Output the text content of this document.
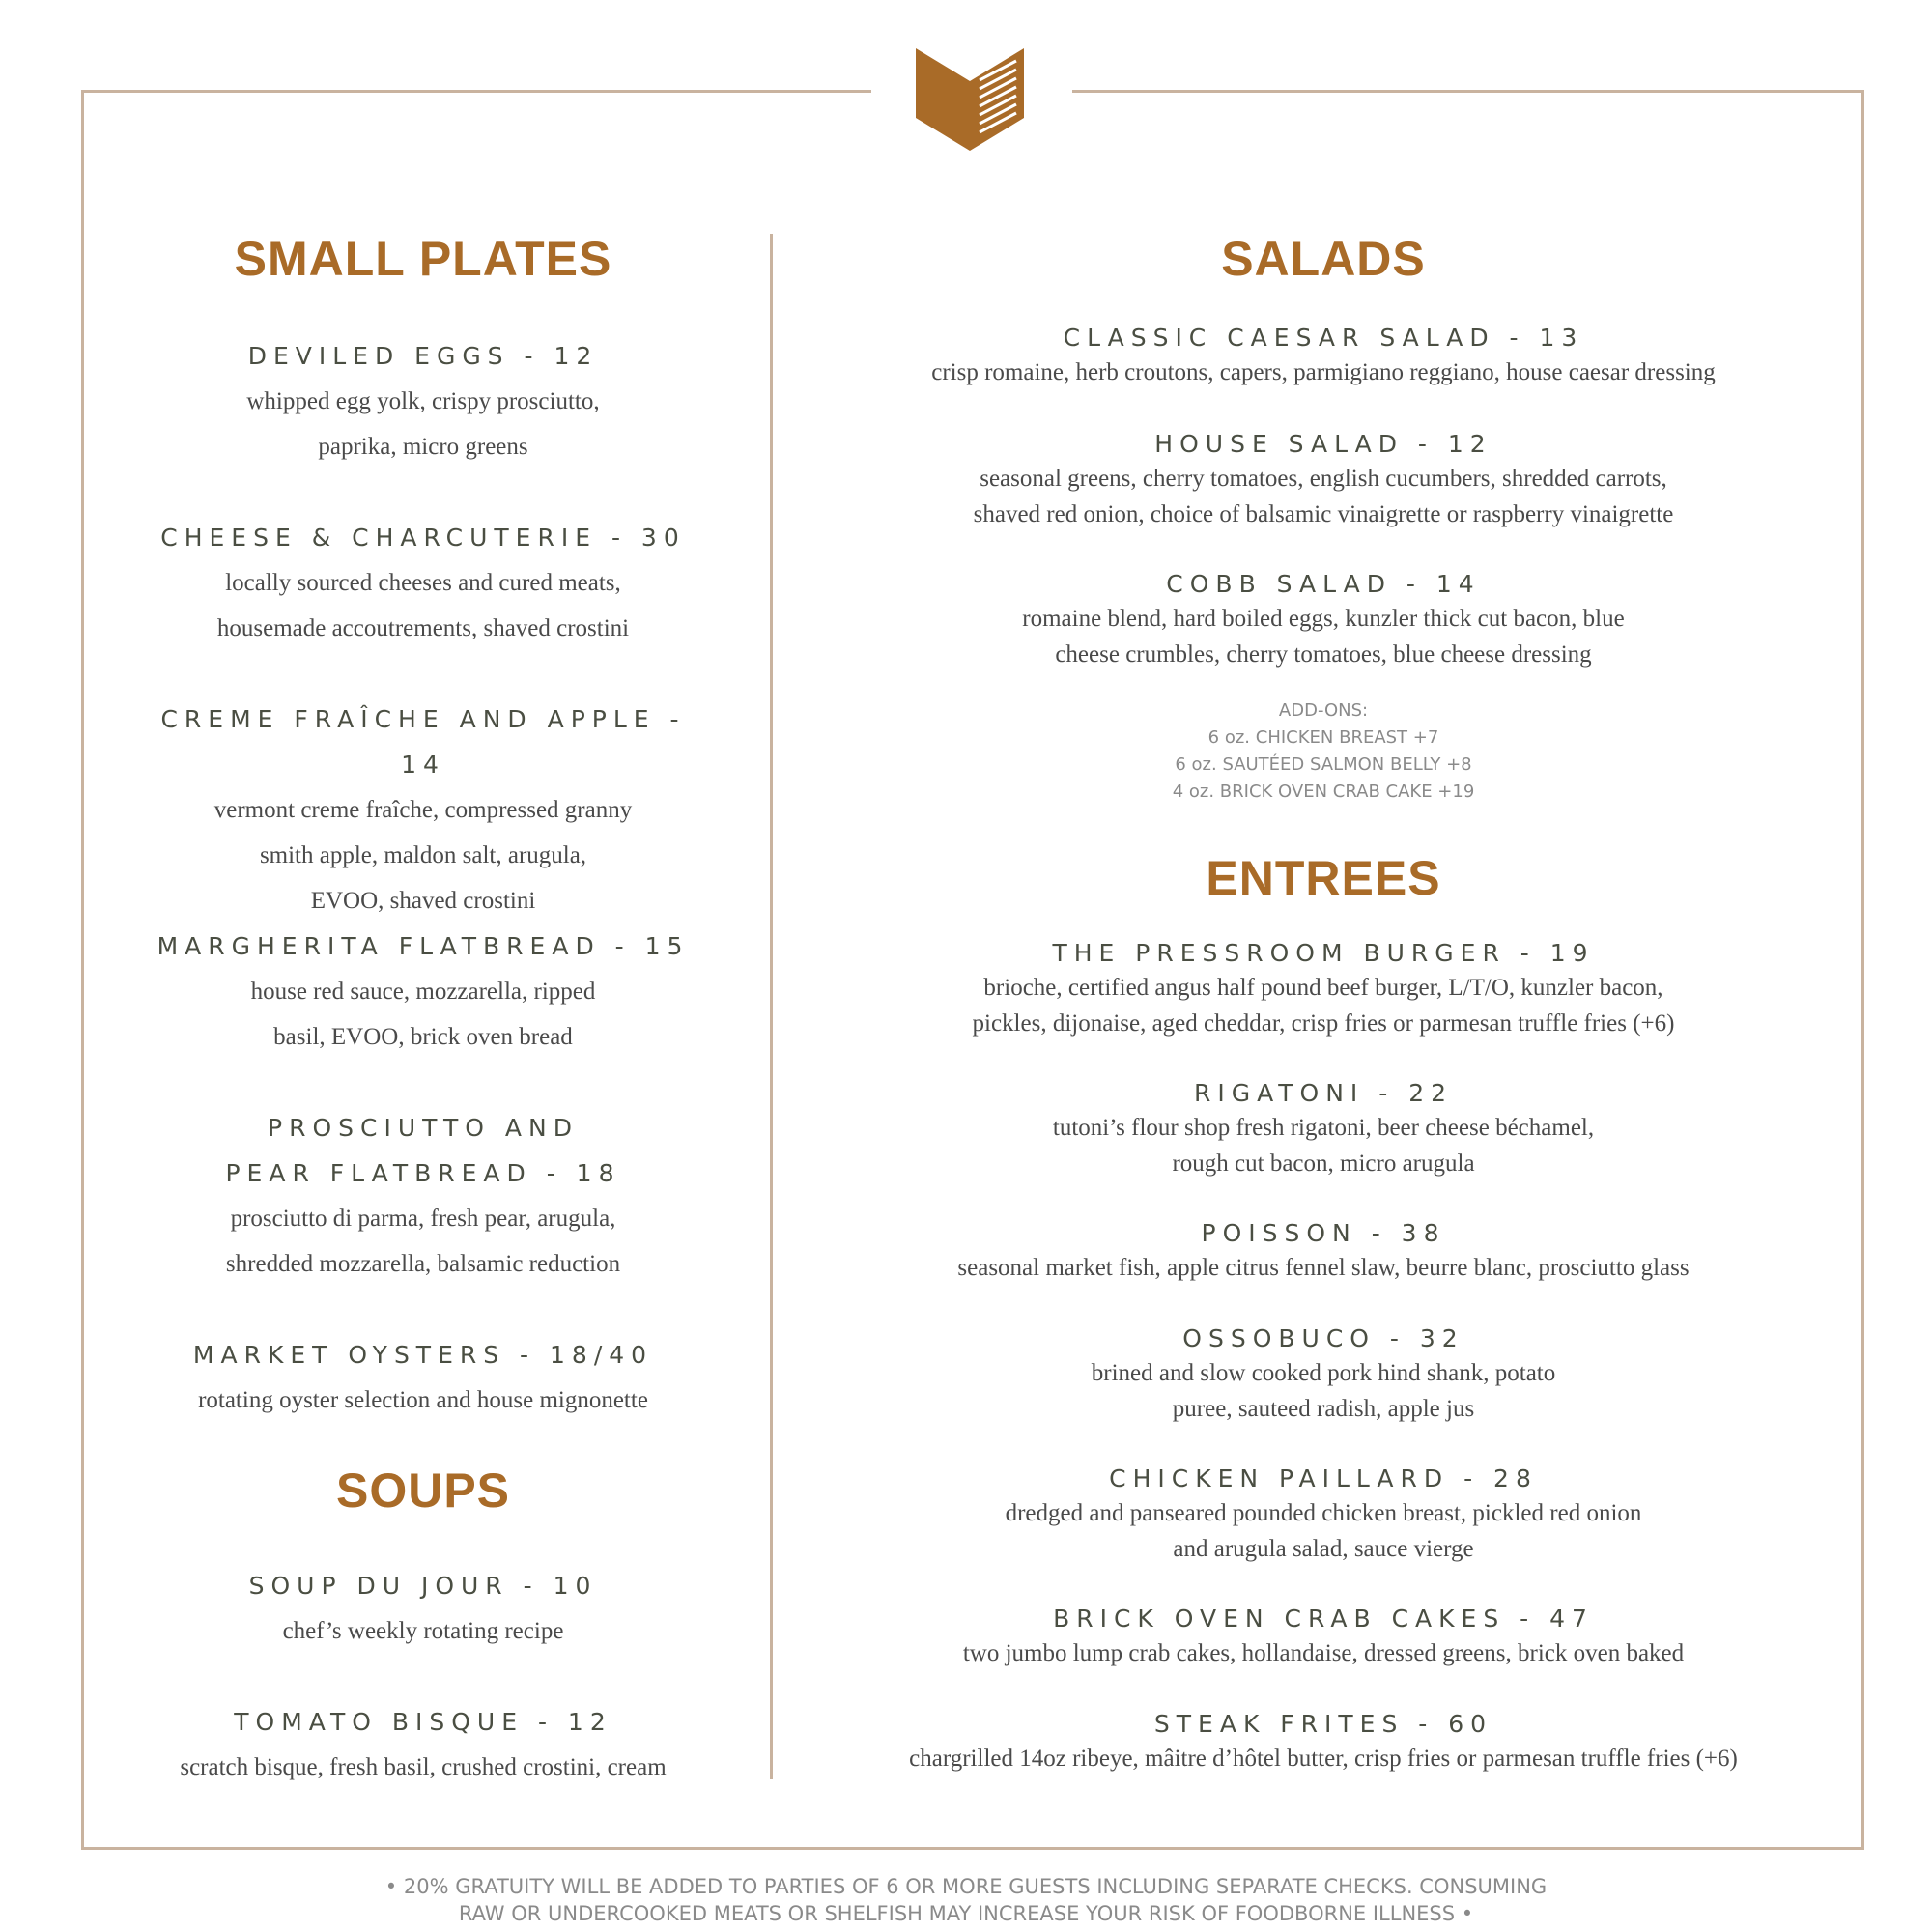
SMALL PLATES
DEVILED EGGS - 12
whipped egg yolk, crispy prosciutto,
paprika, micro greens
CHEESE & CHARCUTERIE - 30
locally sourced cheeses and cured meats,
housemade accoutrements, shaved crostini
CREME FRAÎCHE AND APPLE - 14
vermont creme fraîche, compressed granny
smith apple, maldon salt, arugula,
EVOO, shaved crostini
MARGHERITA FLATBREAD - 15
house red sauce, mozzarella, ripped
basil, EVOO, brick oven bread
PROSCIUTTO AND
PEAR FLATBREAD - 18
prosciutto di parma, fresh pear, arugula,
shredded mozzarella, balsamic reduction
MARKET OYSTERS - 18/40
rotating oyster selection and house mignonette
SOUPS
SOUP DU JOUR - 10
chef’s weekly rotating recipe
TOMATO BISQUE - 12
scratch bisque, fresh basil, crushed crostini, cream
SALADS
CLASSIC CAESAR SALAD - 13
crisp romaine, herb croutons, capers, parmigiano reggiano, house caesar dressing
HOUSE SALAD - 12
seasonal greens, cherry tomatoes, english cucumbers, shredded carrots,
shaved red onion, choice of balsamic vinaigrette or raspberry vinaigrette
COBB SALAD - 14
romaine blend, hard boiled eggs, kunzler thick cut bacon, blue
cheese crumbles, cherry tomatoes, blue cheese dressing
ADD-ONS:
6 oz. CHICKEN BREAST +7
6 oz. SAUTÉED SALMON BELLY +8
4 oz. BRICK OVEN CRAB CAKE +19
ENTREES
THE PRESSROOM BURGER - 19
brioche, certified angus half pound beef burger, L/T/O, kunzler bacon,
pickles, dijonaise, aged cheddar, crisp fries or parmesan truffle fries (+6)
RIGATONI - 22
tutoni’s flour shop fresh rigatoni, beer cheese béchamel,
rough cut bacon, micro arugula
POISSON - 38
seasonal market fish, apple citrus fennel slaw, beurre blanc, prosciutto glass
OSSOBUCO - 32
brined and slow cooked pork hind shank, potato
puree, sauteed radish, apple jus
CHICKEN PAILLARD - 28
dredged and panseared pounded chicken breast, pickled red onion
and arugula salad, sauce vierge
BRICK OVEN CRAB CAKES - 47
two jumbo lump crab cakes, hollandaise, dressed greens, brick oven baked
STEAK FRITES - 60
chargrilled 14oz ribeye, mâitre d’hôtel butter, crisp fries or parmesan truffle fries (+6)
• 20% GRATUITY WILL BE ADDED TO PARTIES OF 6 OR MORE GUESTS INCLUDING SEPARATE CHECKS. CONSUMING
RAW OR UNDERCOOKED MEATS OR SHELFISH MAY INCREASE YOUR RISK OF FOODBORNE ILLNESS •
